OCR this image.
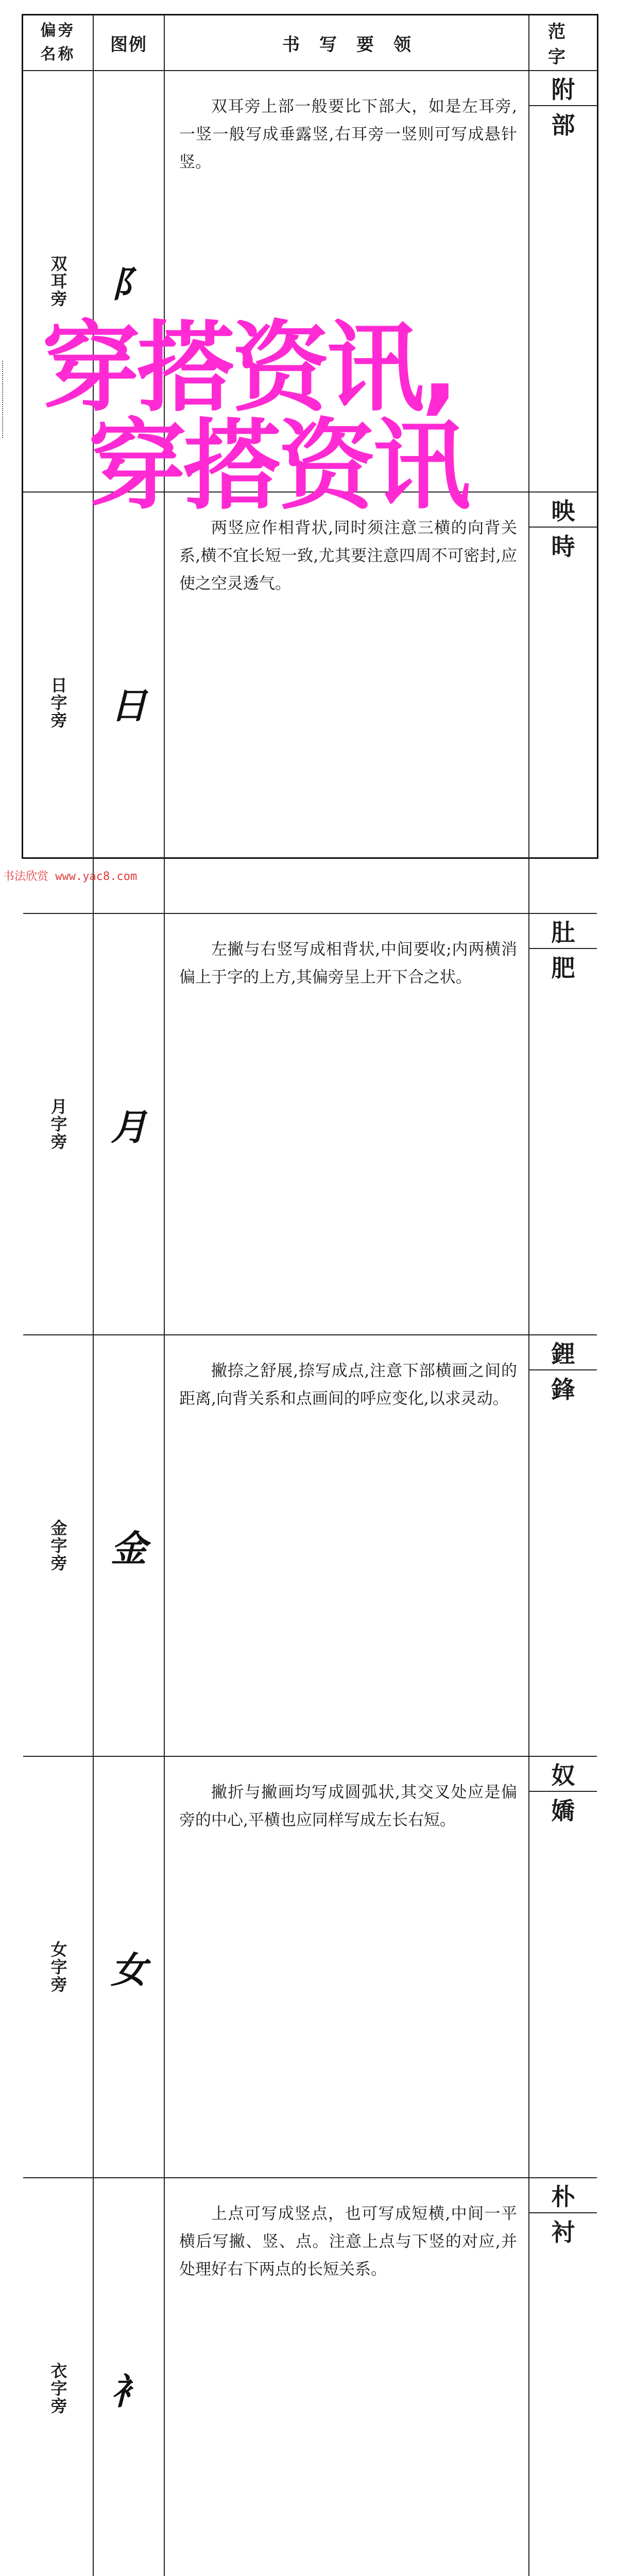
偏旁名称 图例	书写要领
范字
双耳旁 阝
双耳旁上部一般要比下部大，如是左耳旁,一竖一般写成垂露竖,右耳旁一竖则可写成悬针竖。
附
部
日字旁 日
两竖应作相背状,同时须注意三横的向背关系,横不宜长短一致,尤其要注意四周不可密封,应使之空灵透气。
映
時
月字旁 月
左撇与右竖写成相背状,中间要收;内两横消偏上于字的上方,其偏旁呈上开下合之状。
肚
肥
金字旁 金
撇捺之舒展,捺写成点,注意下部横画之间的距离,向背关系和点画间的呼应变化,以求灵动。
鋰
鋒
女字旁 女
撇折与撇画均写成圆弧状,其交叉处应是偏旁的中心,平横也应同样写成左长右短。
奴
嬌
衣字旁 衤
上点可写成竖点，也可写成短横,中间一平横后写撇、竖、点。注意上点与下竖的对应,并处理好右下两点的长短关系。
朴
衬
穿搭资讯,
穿搭资讯
书法欣赏 www.yac8.com
